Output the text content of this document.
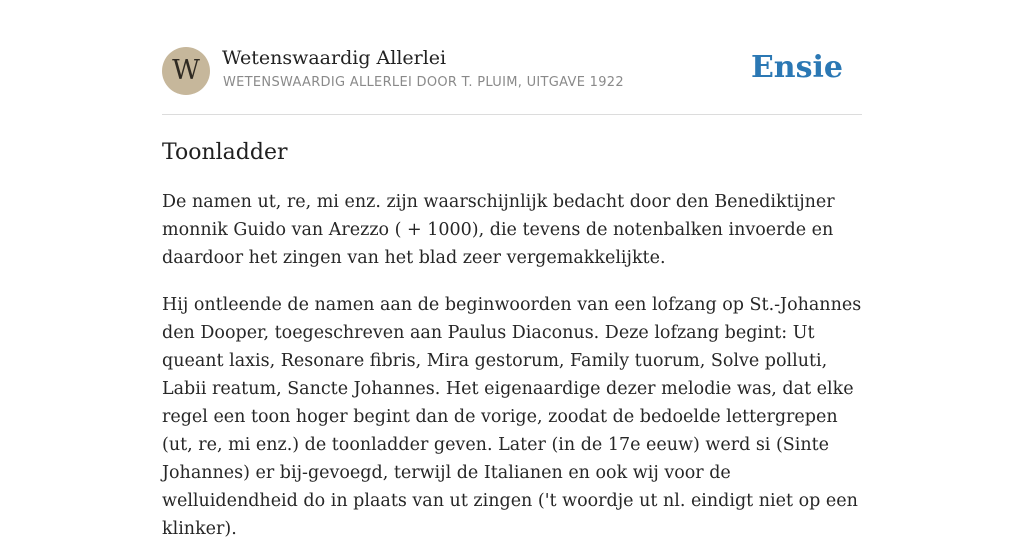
W	Wetenswaardig Allerlei
WETENSWAARDIG ALLERLEI DOOR T. PLUIM, UITGAVE 1922	Ensie
Toonladder

De namen ut, re, mi enz. zijn waarschijnlijk bedacht door den Benediktijner monnik Guido van Arezzo ( + 1000), die tevens de notenbalken invoerde en daardoor het zingen van het blad zeer vergemakkelijkte.

Hij ontleende de namen aan de beginwoorden van een lofzang op St.-Johannes den Dooper, toegeschreven aan Paulus Diaconus. Deze lofzang begint: Ut queant laxis, Resonare fibris, Mira gestorum, Family tuorum, Solve polluti, Labii reatum, Sancte Johannes. Het eigenaardige dezer melodie was, dat elke regel een toon hoger begint dan de vorige, zoodat de bedoelde lettergrepen (ut, re, mi enz.) de toonladder geven. Later (in de 17e eeuw) werd si (Sinte Johannes) er bij-gevoegd, terwijl de Italianen en ook wij voor de welluidendheid do in plaats van ut zingen ('t woordje ut nl. eindigt niet op een klinker).
